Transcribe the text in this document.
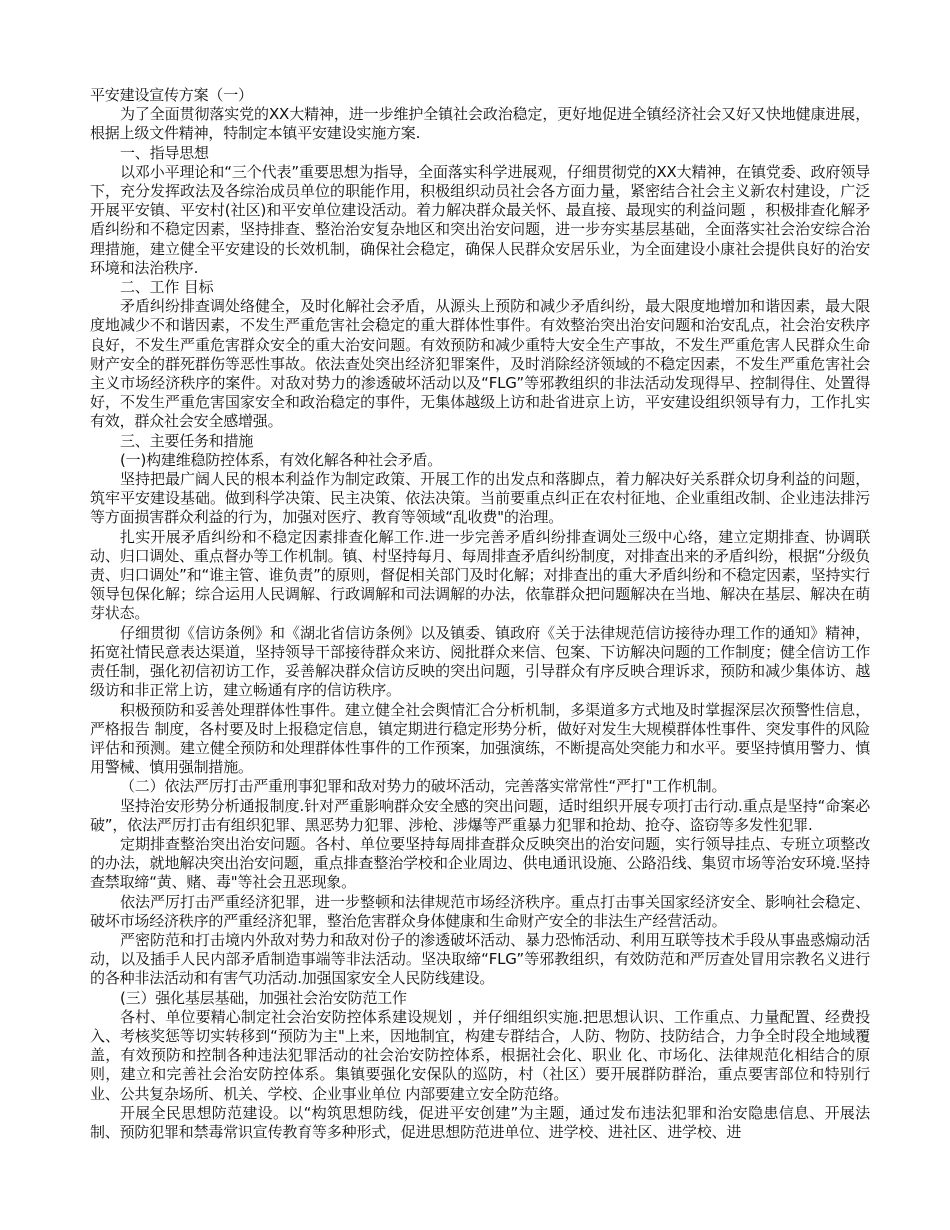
平安建设宣传方案（一）

为了全面贯彻落实党的XX大精神，进一步维护全镇社会政治稳定，更好地促进全镇经济社会又好又快地健康进展，根据上级文件精神，特制定本镇平安建设实施方案.

一、指导思想

以邓小平理论和“三个代表”重要思想为指导，全面落实科学进展观，仔细贯彻党的XX大精神，在镇党委、政府领导下，充分发挥政法及各综治成员单位的职能作用，积极组织动员社会各方面力量，紧密结合社会主义新农村建设，广泛开展平安镇、平安村(社区)和平安单位建设活动。着力解决群众最关怀、最直接、最现实的利益问题 ，积极排查化解矛盾纠纷和不稳定因素，坚持排查、整治治安复杂地区和突出治安问题，进一步夯实基层基础，全面落实社会治安综合治理措施，建立健全平安建设的长效机制，确保社会稳定，确保人民群众安居乐业，为全面建设小康社会提供良好的治安环境和法治秩序.

二、工作 目标

矛盾纠纷排查调处络健全，及时化解社会矛盾，从源头上预防和减少矛盾纠纷，最大限度地增加和谐因素，最大限度地减少不和谐因素，不发生严重危害社会稳定的重大群体性事件。有效整治突出治安问题和治安乱点，社会治安秩序良好，不发生严重危害群众安全的重大治安问题。有效预防和减少重特大安全生产事故，不发生严重危害人民群众生命财产安全的群死群伤等恶性事故。依法查处突出经济犯罪案件，及时消除经济领域的不稳定因素，不发生严重危害社会主义市场经济秩序的案件。对敌对势力的渗透破坏活动以及“FLG”等邪教组织的非法活动发现得早、控制得住、处置得好，不发生严重危害国家安全和政治稳定的事件，无集体越级上访和赴省进京上访，平安建设组织领导有力，工作扎实有效，群众社会安全感增强。

三、主要任务和措施

(一)构建维稳防控体系，有效化解各种社会矛盾。

坚持把最广阔人民的根本利益作为制定政策、开展工作的出发点和落脚点，着力解决好关系群众切身利益的问题，筑牢平安建设基础。做到科学决策、民主决策、依法决策。当前要重点纠正在农村征地、企业重组改制、企业违法排污等方面损害群众利益的行为，加强对医疗、教育等领域“乱收费"的治理。

扎实开展矛盾纠纷和不稳定因素排查化解工作.进一步完善矛盾纠纷排查调处三级中心络，建立定期排查、协调联动、归口调处、重点督办等工作机制。镇、村坚持每月、每周排查矛盾纠纷制度，对排查出来的矛盾纠纷，根据“分级负责、归口调处”和“谁主管、谁负责”的原则，督促相关部门及时化解；对排查出的重大矛盾纠纷和不稳定因素，坚持实行领导包保化解；综合运用人民调解、行政调解和司法调解的办法，依靠群众把问题解决在当地、解决在基层、解决在萌芽状态。

仔细贯彻《信访条例》和《湖北省信访条例》以及镇委、镇政府《关于法律规范信访接待办理工作的通知》精神，拓宽社情民意表达渠道，坚持领导干部接待群众来访、阅批群众来信、包案、下访解决问题的工作制度；健全信访工作责任制，强化初信初访工作，妥善解决群众信访反映的突出问题，引导群众有序反映合理诉求，预防和减少集体访、越级访和非正常上访，建立畅通有序的信访秩序。

积极预防和妥善处理群体性事件。建立健全社会舆情汇合分析机制，多渠道多方式地及时掌握深层次预警性信息，严格报告 制度，各村要及时上报稳定信息，镇定期进行稳定形势分析，做好对发生大规模群体性事件、突发事件的风险评估和预测。建立健全预防和处理群体性事件的工作预案，加强演练，不断提高处突能力和水平。要坚持慎用警力、慎用警械、慎用强制措施。

（二）依法严厉打击严重刑事犯罪和敌对势力的破坏活动，完善落实常常性“严打"工作机制。

坚持治安形势分析通报制度.针对严重影响群众安全感的突出问题，适时组织开展专项打击行动.重点是坚持“命案必破”，依法严厉打击有组织犯罪、黑恶势力犯罪、涉枪、涉爆等严重暴力犯罪和抢劫、抢夺、盗窃等多发性犯罪.

定期排查整治突出治安问题。各村、单位要坚持每周排查群众反映突出的治安问题，实行领导挂点、专班立项整改的办法，就地解决突出治安问题，重点排查整治学校和企业周边、供电通讯设施、公路沿线、集贸市场等治安环境.坚持查禁取缔“黄、赌、毒"等社会丑恶现象。

依法严厉打击严重经济犯罪，进一步整顿和法律规范市场经济秩序。重点打击事关国家经济安全、影响社会稳定、破坏市场经济秩序的严重经济犯罪，整治危害群众身体健康和生命财产安全的非法生产经营活动。

严密防范和打击境内外敌对势力和敌对份子的渗透破坏活动、暴力恐怖活动、利用互联等技术手段从事蛊惑煽动活动，以及插手人民内部矛盾制造事端等非法活动。坚决取缔“FLG”等邪教组织，有效防范和严厉查处冒用宗教名义进行的各种非法活动和有害气功活动.加强国家安全人民防线建设。

(三）强化基层基础，加强社会治安防范工作

各村、单位要精心制定社会治安防控体系建设规划 ，并仔细组织实施.把思想认识、工作重点、力量配置、经费投入、考核奖惩等切实转移到“预防为主"上来，因地制宜，构建专群结合，人防、物防、技防结合，力争全时段全地域覆盖，有效预防和控制各种违法犯罪活动的社会治安防控体系，根据社会化、职业 化、市场化、法律规范化相结合的原则，建立和完善社会治安防控体系。集镇要强化安保队的巡防，村（社区）要开展群防群治，重点要害部位和特别行业、公共复杂场所、机关、学校、企业事业单位 内部要建立安全防范络。

开展全民思想防范建设。以“构筑思想防线，促进平安创建”为主题，通过发布违法犯罪和治安隐患信息、开展法制、预防犯罪和禁毒常识宣传教育等多种形式，促进思想防范进单位、进学校、进社区、进学校、进
